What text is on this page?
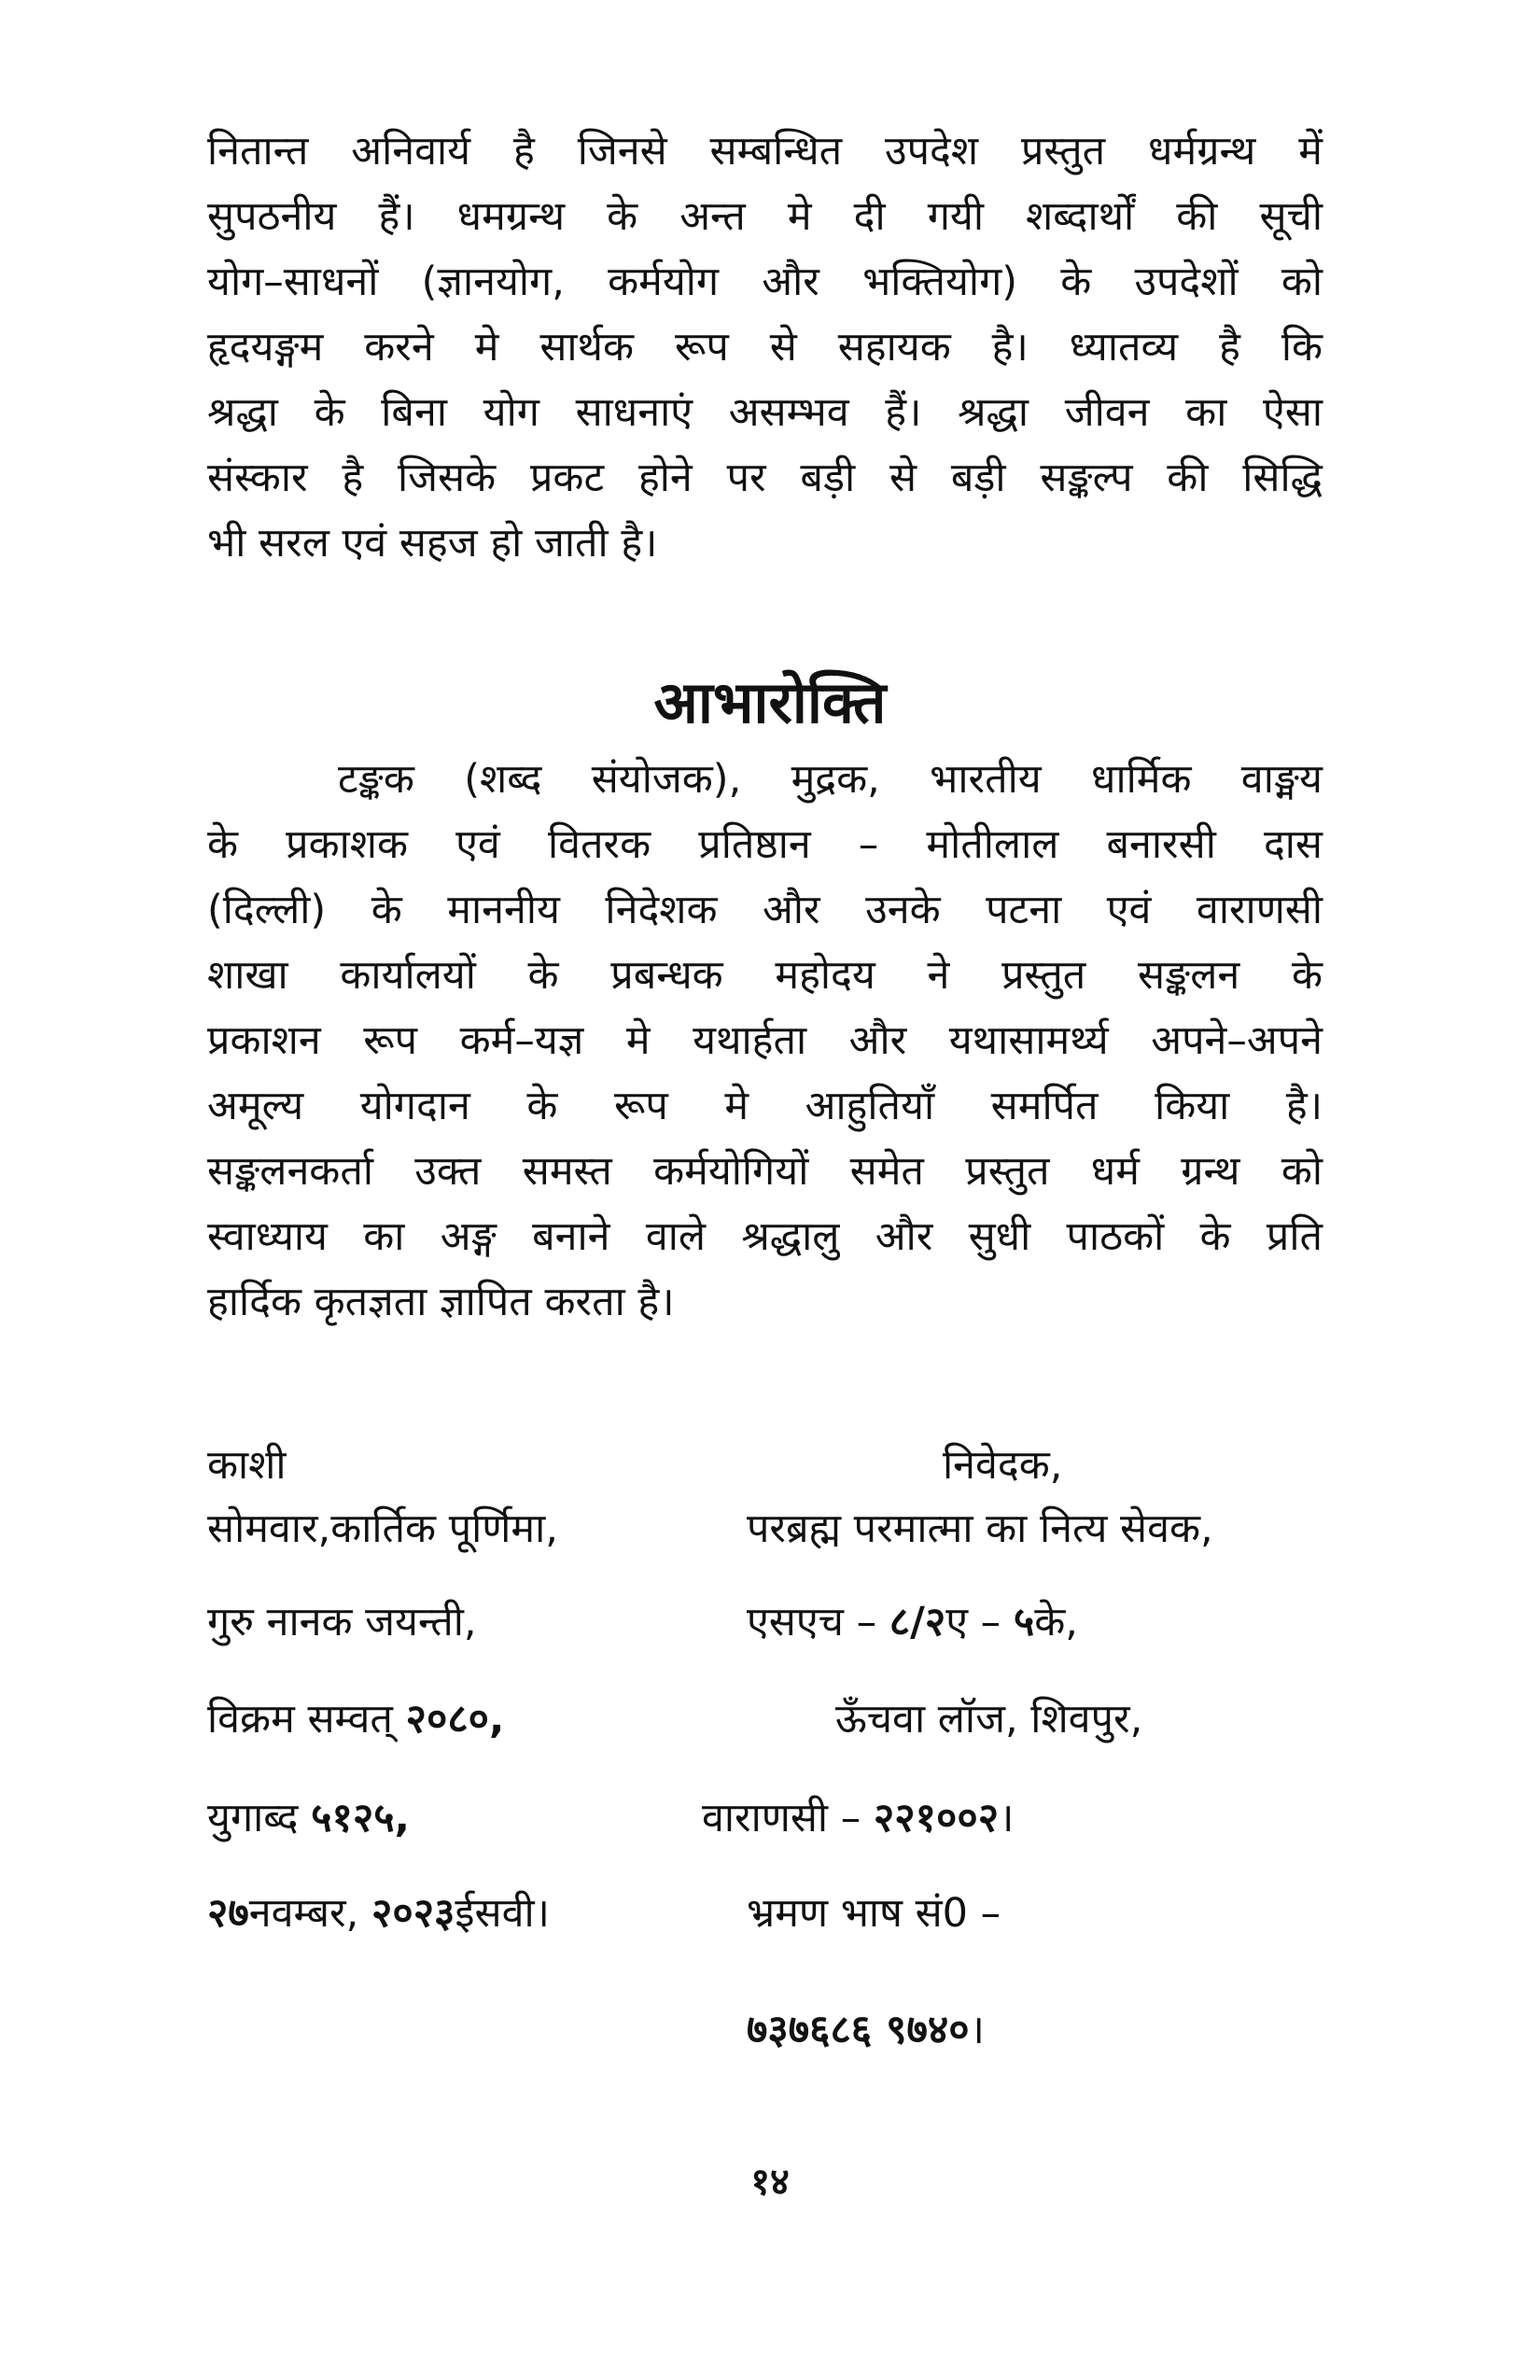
नितान्त अनिवार्य है जिनसे सम्बन्धित उपदेश प्रस्तुत धर्मग्रन्थ में
सुपठनीय हैं। धमग्रन्थ के अन्त मे दी गयी शब्दार्थों की सूची
योग–साधनों (ज्ञानयोग, कर्मयोग और भक्तियोग) के उपदेशों को
हृदयङ्गम करने मे सार्थक रूप से सहायक है। ध्यातव्य है कि
श्रद्धा के बिना योग साधनाएं असम्भव हैं। श्रद्धा जीवन का ऐसा
संस्कार है जिसके प्रकट होने पर बड़ी से बड़ी सङ्कल्प की सिद्धि
भी सरल एवं सहज हो जाती है।
आभारोक्ति
टङ्कक (शब्द संयोजक), मुद्रक, भारतीय धार्मिक वाङ्मय
के प्रकाशक एवं वितरक प्रतिष्ठान – मोतीलाल बनारसी दास
(दिल्ली) के माननीय निदेशक और उनके पटना एवं वाराणसी
शाखा कार्यालयों के प्रबन्धक महोदय ने प्रस्तुत सङ्कलन के
प्रकाशन रूप कर्म–यज्ञ मे यथार्हता और यथासामर्थ्य अपने–अपने
अमूल्य योगदान के रूप मे आहुतियाँ समर्पित किया है।
सङ्कलनकर्ता उक्त समस्त कर्मयोगियों समेत प्रस्तुत धर्म ग्रन्थ को
स्वाध्याय का अङ्ग बनाने वाले श्रद्धालु और सुधी पाठकों के प्रति
हार्दिक कृतज्ञता ज्ञापित करता है।
काशी
सोमवार,कार्तिक पूर्णिमा,
गुरु नानक जयन्ती,
विक्रम सम्वत् २०८०,
युगाब्द ५१२५,
२७नवम्बर, २०२३ईसवी।
निवेदक,
परब्रह्म परमात्मा का नित्य सेवक,
एसएच – ८/२ए – ५के,
ऊँचवा लॉज, शिवपुर,
वाराणसी – २२१००२।
भ्रमण भाष सं0 –
७३७६८६ ९७४०।
१४
